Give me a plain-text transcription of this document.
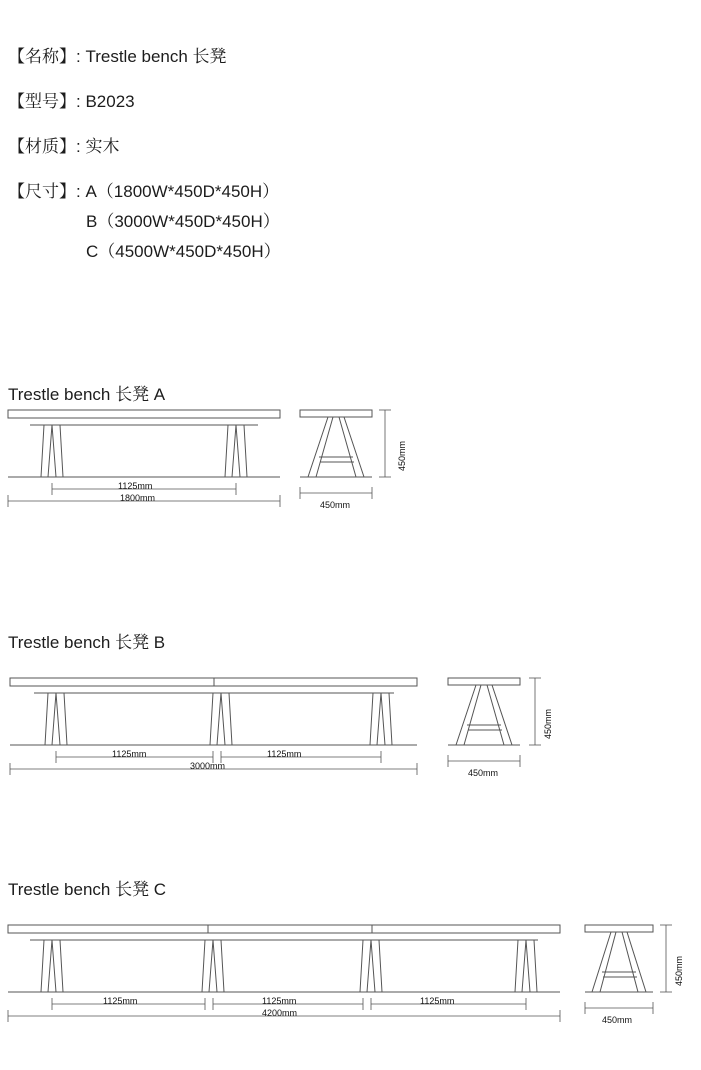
【名称】: Trestle bench 长凳
【型号】: B2023
【材质】: 实木
【尺寸】: A（1800W*450D*450H）
B（3000W*450D*450H）
C（4500W*450D*450H）
Trestle bench 长凳 A
1125mm
1800mm
450mm
450mm
Trestle bench 长凳 B
1125mm	1125mm
3000mm
450mm
450mm
Trestle bench 长凳 C
1125mm	1125mm	1125mm
4200mm
450mm
450mm
